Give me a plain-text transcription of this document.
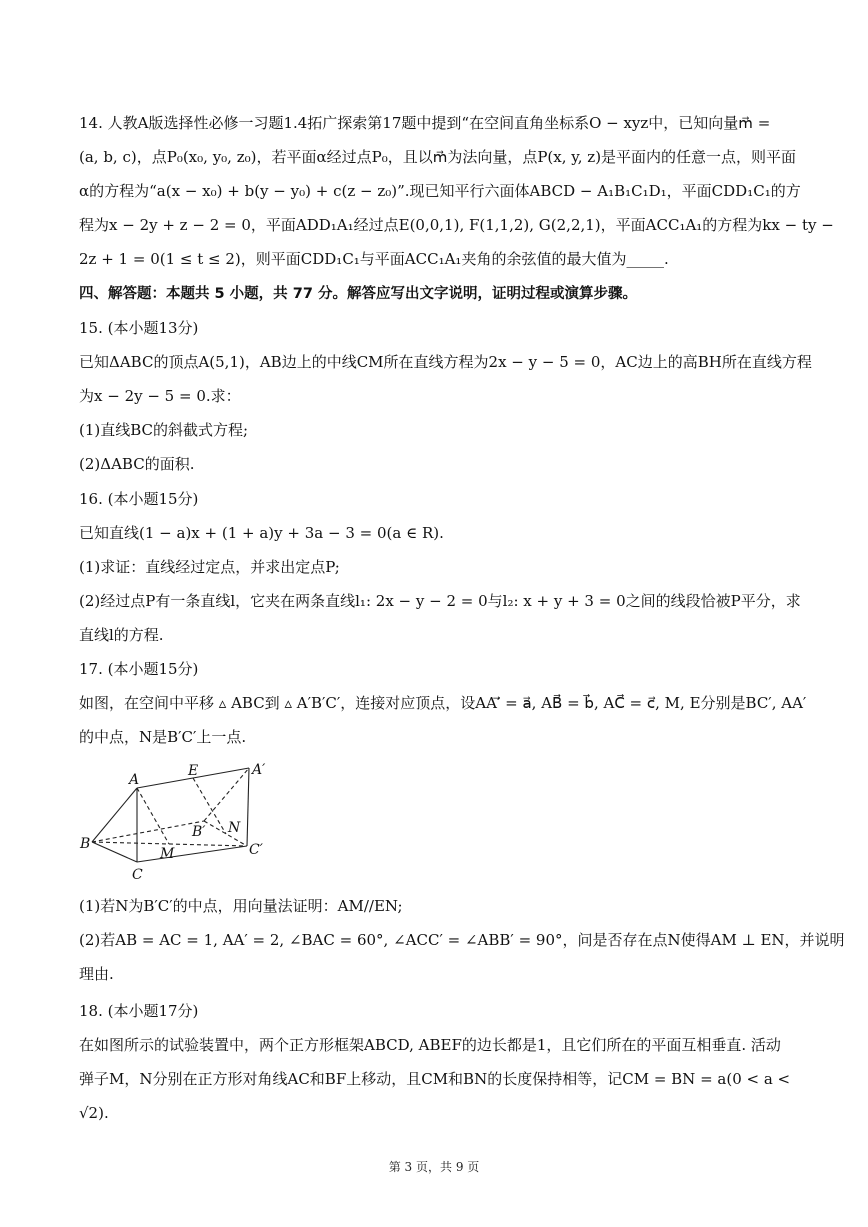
14. 人教A版选择性必修一习题1.4拓广探索第17题中提到“在空间直角坐标系O − xyz中，已知向量m⃗ =
(a, b, c)，点P₀(x₀, y₀, z₀)，若平面α经过点P₀，且以m⃗为法向量，点P(x, y, z)是平面内的任意一点，则平面
α的方程为“a(x − x₀) + b(y − y₀) + c(z − z₀)”.现已知平行六面体ABCD − A₁B₁C₁D₁，平面CDD₁C₁的方
程为x − 2y + z − 2 = 0，平面ADD₁A₁经过点E(0,0,1), F(1,1,2), G(2,2,1)，平面ACC₁A₁的方程为kx − ty −
2z + 1 = 0(1 ≤ t ≤ 2)，则平面CDD₁C₁与平面ACC₁A₁夹角的余弦值的最大值为_____.
四、解答题：本题共 5 小题，共 77 分。解答应写出文字说明，证明过程或演算步骤。
15. (本小题13分)
已知ΔABC的顶点A(5,1)，AB边上的中线CM所在直线方程为2x − y − 5 = 0，AC边上的高BH所在直线方程
为x − 2y − 5 = 0.求：
(1)直线BC的斜截式方程;
(2)ΔABC的面积.
16. (本小题15分)
已知直线(1 − a)x + (1 + a)y + 3a − 3 = 0(a ∈ R).
(1)求证：直线经过定点，并求出定点P;
(2)经过点P有一条直线l，它夹在两条直线l₁: 2x − y − 2 = 0与l₂: x + y + 3 = 0之间的线段恰被P平分，求
直线l的方程.
17. (本小题15分)
如图，在空间中平移 ▵ ABC到 ▵ A′B′C′，连接对应顶点，设AA′⃗ = a⃗, AB⃗ = b⃗, AC⃗ = c⃗, M, E分别是BC′, AA′
的中点，N是B′C′上一点.
A
E	A′
B′ N
B
M	C′
C
(1)若N为B′C′的中点，用向量法证明：AM//EN;
(2)若AB = AC = 1, AA′ = 2, ∠BAC = 60°, ∠ACC′ = ∠ABB′ = 90°，问是否存在点N使得AM ⊥ EN，并说明
理由.
18. (本小题17分)
在如图所示的试验装置中，两个正方形框架ABCD, ABEF的边长都是1，且它们所在的平面互相垂直. 活动
弹子M，N分别在正方形对角线AC和BF上移动，且CM和BN的长度保持相等，记CM = BN = a(0 < a <
√2).
第 3 页，共 9 页
